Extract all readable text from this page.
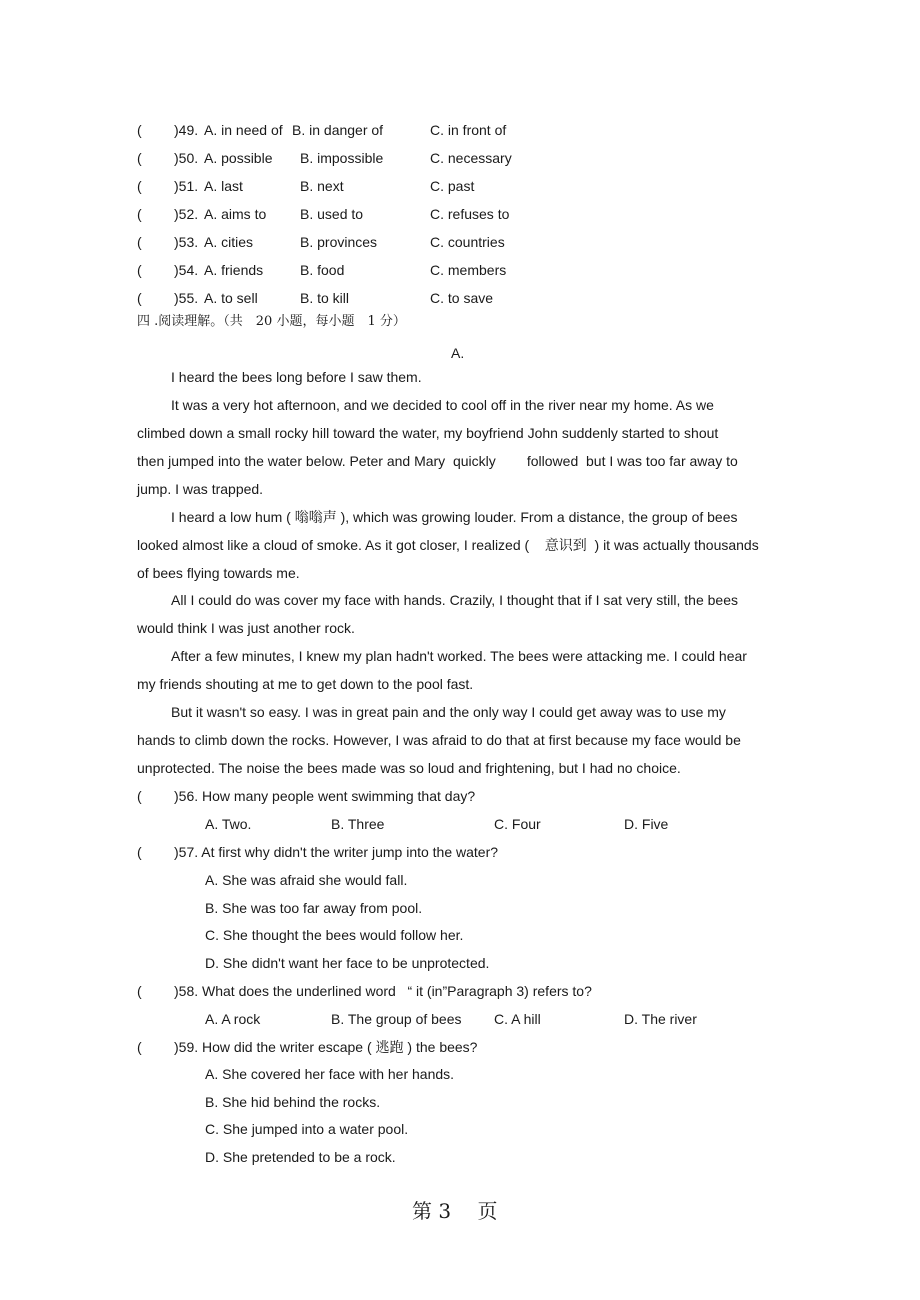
( )49. A. in need of B. in danger of	C. in front of
( )50. A. possible B. impossible	C. necessary
( )51. A. last	B. next	C. past
( )52. A. aims to B. used to	C. refuses to
( )53. A. cities	B. provinces	C. countries
( )54. A. friends	B. food	C. members
( )55. A. to sell	B. to kill	C. to save
四 .阅读理解。（共　20 小题，每小题　1 分）
A.
I heard the bees long before I saw them.
It was a very hot afternoon, and we decided to cool off in the river near my home. As we
climbed down a small rocky hill toward the water, my boyfriend John suddenly started to shout
then jumped into the water below. Peter and Mary  quickly        followed  but I was too far away to
jump. I was trapped.
I heard a low hum ( 嗡嗡声 ), which was growing louder. From a distance, the group of bees
looked almost like a cloud of smoke. As it got closer, I realized (    意识到  ) it was actually thousands
of bees flying towards me.
All I could do was cover my face with hands. Crazily, I thought that if I sat very still, the bees
would think I was just another rock.
After a few minutes, I knew my plan hadn't worked. The bees were attacking me. I could hear
my friends shouting at me to get down to the pool fast.
But it wasn't so easy. I was in great pain and the only way I could get away was to use my
hands to climb down the rocks. However, I was afraid to do that at first because my face would be
unprotected. The noise the bees made was so loud and frightening, but I had no choice.
( )56. How many people went swimming that day?
A. Two.	B. Three	C. Four	D. Five
( )57. At first why didn't the writer jump into the water?
A. She was afraid she would fall.
B. She was too far away from pool.
C. She thought the bees would follow her.
D. She didn't want her face to be unprotected.
( )58. What does the underlined word   “ it (in”Paragraph 3) refers to?
A. A rock	B. The group of bees C. A hill	D. The river
( )59. How did the writer escape ( 逃跑 ) the bees?
A. She covered her face with her hands.
B. She hid behind the rocks.
C. She jumped into a water pool.
D. She pretended to be a rock.
第 3 　页
